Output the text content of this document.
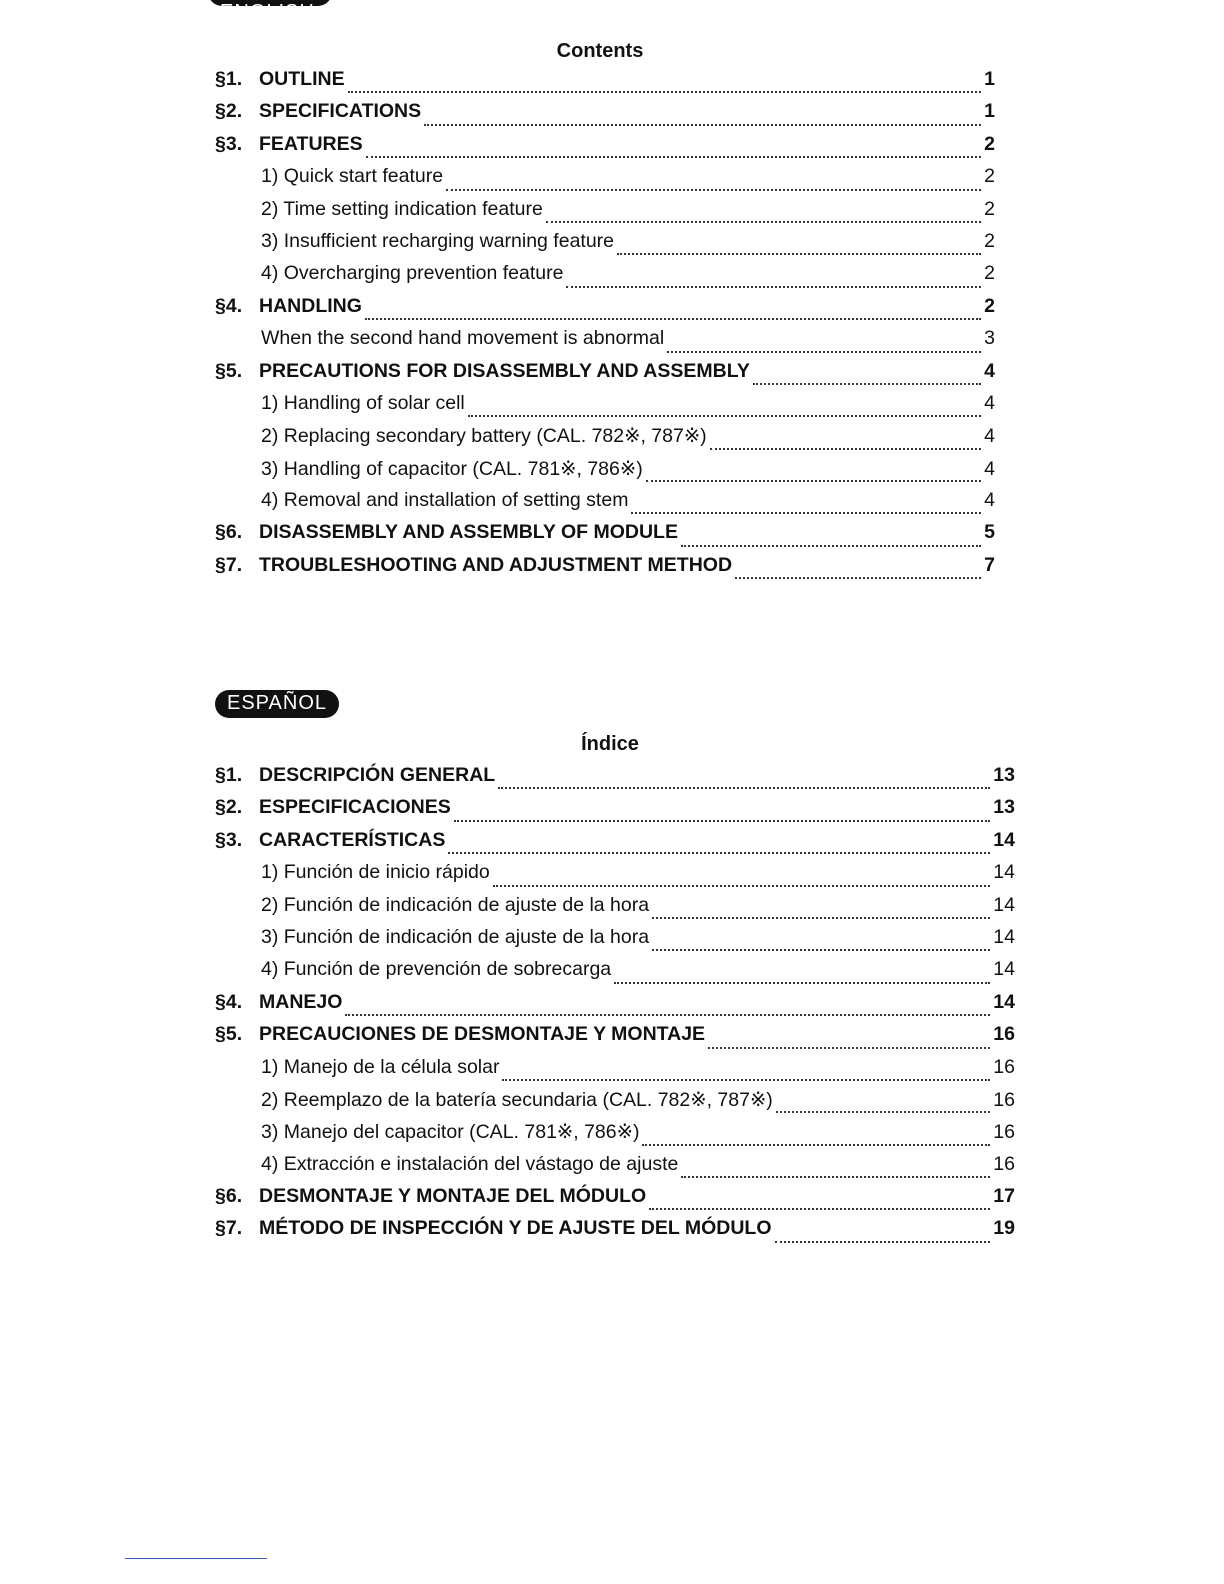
ENGLISH
Contents
§1. OUTLINE	1
§2. SPECIFICATIONS	1
§3. FEATURES	2
1) Quick start feature	2
2) Time setting indication feature	2
3) Insufficient recharging warning feature	2
4) Overcharging prevention feature	2
§4. HANDLING	2
When the second hand movement is abnormal	3
§5. PRECAUTIONS FOR DISASSEMBLY AND ASSEMBLY	4
1) Handling of solar cell	4
2) Replacing secondary battery (CAL. 782※, 787※)	4
3) Handling of capacitor (CAL. 781※, 786※)	4
4) Removal and installation of setting stem	4
§6. DISASSEMBLY AND ASSEMBLY OF MODULE	5
§7. TROUBLESHOOTING AND ADJUSTMENT METHOD	7
ESPAÑOL
Índice
§1. DESCRIPCIÓN GENERAL	13
§2. ESPECIFICACIONES	13
§3. CARACTERÍSTICAS	14
1) Función de inicio rápido	14
2) Función de indicación de ajuste de la hora	14
3) Función de indicación de ajuste de la hora	14
4) Función de prevención de sobrecarga	14
§4. MANEJO	14
§5. PRECAUCIONES DE DESMONTAJE Y MONTAJE	16
1) Manejo de la célula solar	16
2) Reemplazo de la batería secundaria (CAL. 782※, 787※)	16
3) Manejo del capacitor (CAL. 781※, 786※)	16
4) Extracción e instalación del vástago de ajuste	16
§6. DESMONTAJE Y MONTAJE DEL MÓDULO	17
§7. MÉTODO DE INSPECCIÓN Y DE AJUSTE DEL MÓDULO	19
